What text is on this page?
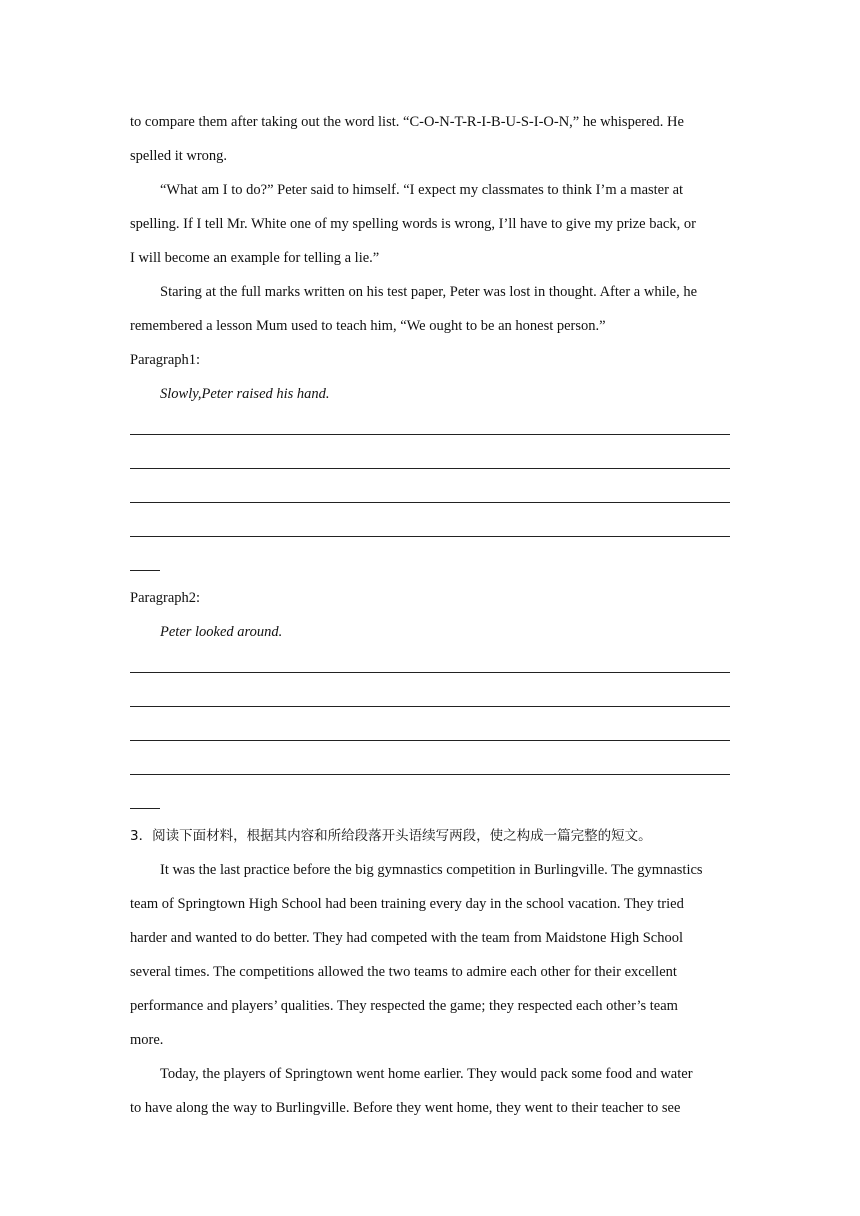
to compare them after taking out the word list. “C-O-N-T-R-I-B-U-S-I-O-N,” he whispered. He
spelled it wrong.
“What am I to do?” Peter said to himself. “I expect my classmates to think I’m a master at
spelling. If I tell Mr. White one of my spelling words is wrong, I’ll have to give my prize back, or
I will become an example for telling a lie.”
Staring at the full marks written on his test paper, Peter was lost in thought. After a while, he
remembered a lesson Mum used to teach him, “We ought to be an honest person.”
Paragraph1:
Slowly,Peter raised his hand.
Paragraph2:
Peter looked around.
3．阅读下面材料，根据其内容和所给段落开头语续写两段，使之构成一篇完整的短文。
It was the last practice before the big gymnastics competition in Burlingville. The gymnastics
team of Springtown High School had been training every day in the school vacation. They tried
harder and wanted to do better. They had competed with the team from Maidstone High School
several times. The competitions allowed the two teams to admire each other for their excellent
performance and players’ qualities. They respected the game; they respected each other’s team
more.
Today, the players of Springtown went home earlier. They would pack some food and water
to have along the way to Burlingville. Before they went home, they went to their teacher to see
